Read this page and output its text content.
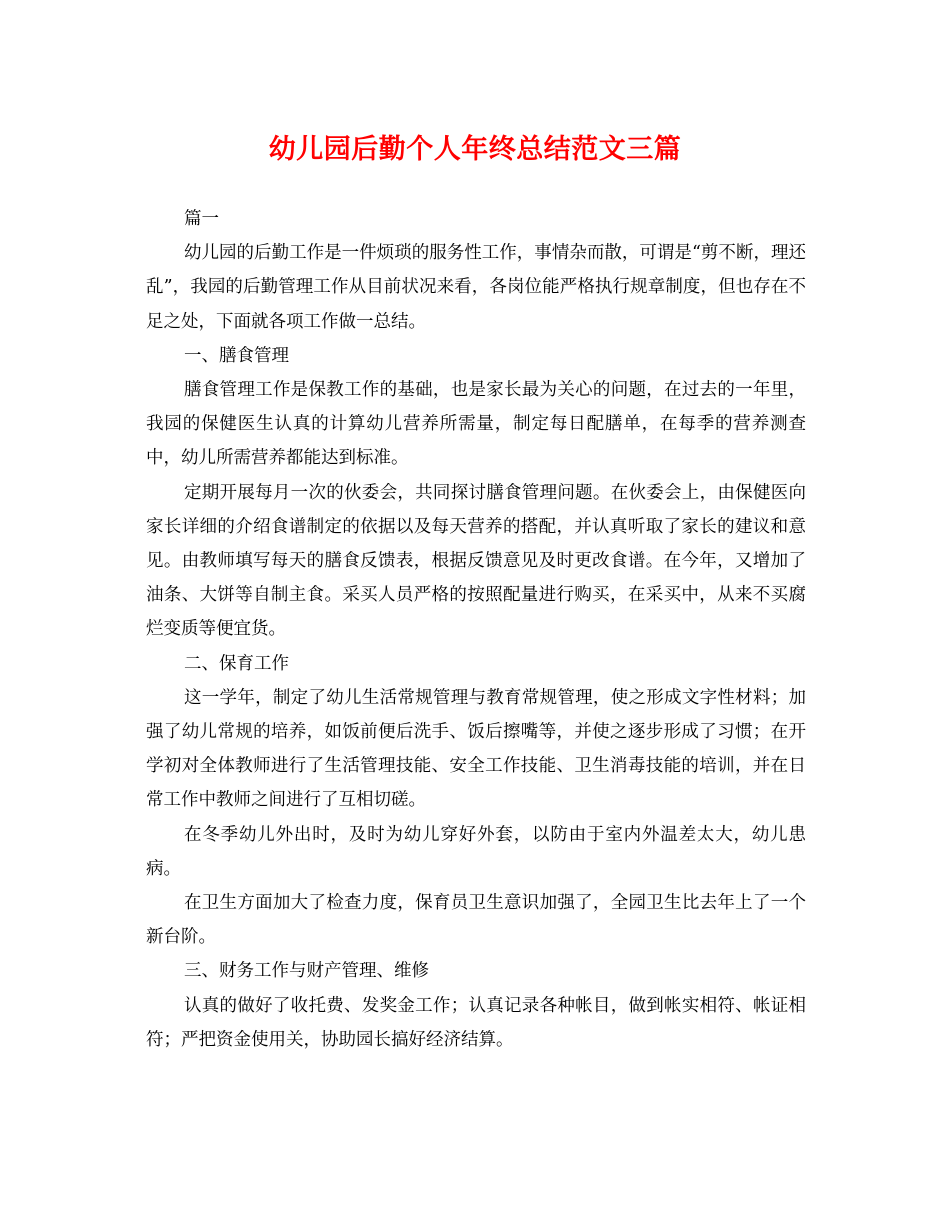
幼儿园后勤个人年终总结范文三篇

篇一

幼儿园的后勤工作是一件烦琐的服务性工作，事情杂而散，可谓是“剪不断，理还乱”，我园的后勤管理工作从目前状况来看，各岗位能严格执行规章制度，但也存在不足之处，下面就各项工作做一总结。

一、膳食管理

膳食管理工作是保教工作的基础，也是家长最为关心的问题，在过去的一年里，我园的保健医生认真的计算幼儿营养所需量，制定每日配膳单，在每季的营养测查中，幼儿所需营养都能达到标准。

定期开展每月一次的伙委会，共同探讨膳食管理问题。在伙委会上，由保健医向家长详细的介绍食谱制定的依据以及每天营养的搭配，并认真听取了家长的建议和意见。由教师填写每天的膳食反馈表，根据反馈意见及时更改食谱。在今年，又增加了油条、大饼等自制主食。采买人员严格的按照配量进行购买，在采买中，从来不买腐烂变质等便宜货。

二、保育工作

这一学年，制定了幼儿生活常规管理与教育常规管理，使之形成文字性材料；加强了幼儿常规的培养，如饭前便后洗手、饭后擦嘴等，并使之逐步形成了习惯；在开学初对全体教师进行了生活管理技能、安全工作技能、卫生消毒技能的培训，并在日常工作中教师之间进行了互相切磋。

在冬季幼儿外出时，及时为幼儿穿好外套，以防由于室内外温差太大，幼儿患病。

在卫生方面加大了检查力度，保育员卫生意识加强了，全园卫生比去年上了一个新台阶。

三、财务工作与财产管理、维修

认真的做好了收托费、发奖金工作；认真记录各种帐目，做到帐实相符、帐证相符；严把资金使用关，协助园长搞好经济结算。
